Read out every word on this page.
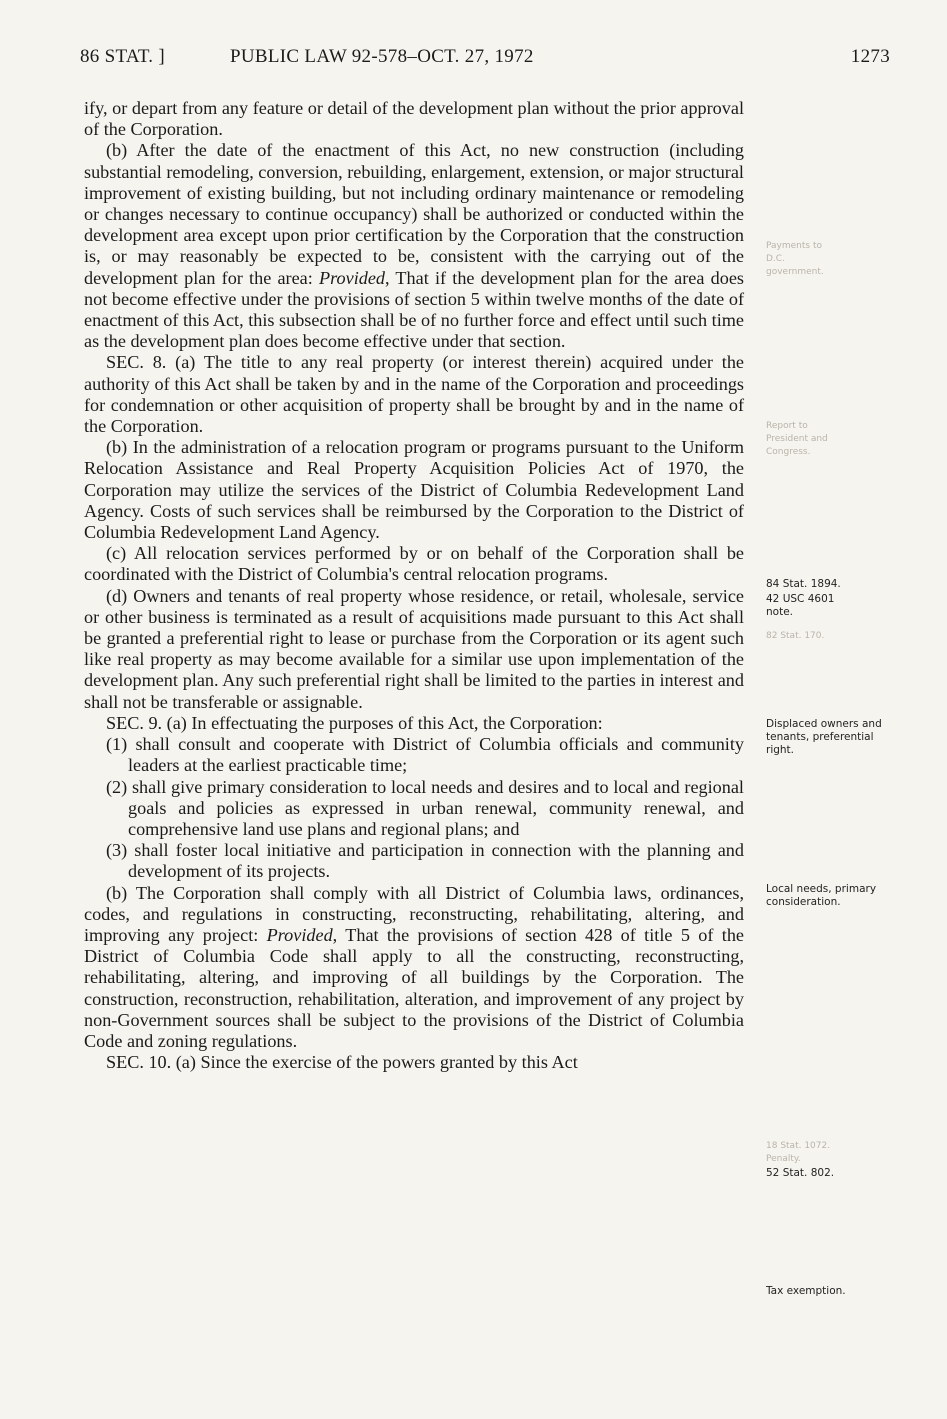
86 STAT. ]	PUBLIC LAW 92-578–OCT. 27, 1972	1273

ify, or depart from any feature or detail of the development plan without the prior approval of the Corporation.

(b) After the date of the enactment of this Act, no new construction (including substantial remodeling, conversion, rebuilding, enlargement, extension, or major structural improvement of existing building, but not including ordinary maintenance or remodeling or changes necessary to continue occupancy) shall be authorized or conducted within the development area except upon prior certification by the Corporation that the construction is, or may reasonably be expected to be, consistent with the carrying out of the development plan for the area: Provided, That if the development plan for the area does not become effective under the provisions of section 5 within twelve months of the date of enactment of this Act, this subsection shall be of no further force and effect until such time as the development plan does become effective under that section.

SEC. 8. (a) The title to any real property (or interest therein) acquired under the authority of this Act shall be taken by and in the name of the Corporation and proceedings for condemnation or other acquisition of property shall be brought by and in the name of the Corporation.

(b) In the administration of a relocation program or programs pursuant to the Uniform Relocation Assistance and Real Property Acquisition Policies Act of 1970, the Corporation may utilize the services of the District of Columbia Redevelopment Land Agency. Costs of such services shall be reimbursed by the Corporation to the District of Columbia Redevelopment Land Agency.

(c) All relocation services performed by or on behalf of the Corporation shall be coordinated with the District of Columbia's central relocation programs.

(d) Owners and tenants of real property whose residence, or retail, wholesale, service or other business is terminated as a result of acquisitions made pursuant to this Act shall be granted a preferential right to lease or purchase from the Corporation or its agent such like real property as may become available for a similar use upon implementation of the development plan. Any such preferential right shall be limited to the parties in interest and shall not be transferable or assignable.

SEC. 9. (a) In effectuating the purposes of this Act, the Corporation:

(1) shall consult and cooperate with District of Columbia officials and community leaders at the earliest practicable time;

(2) shall give primary consideration to local needs and desires and to local and regional goals and policies as expressed in urban renewal, community renewal, and comprehensive land use plans and regional plans; and

(3) shall foster local initiative and participation in connection with the planning and development of its projects.

(b) The Corporation shall comply with all District of Columbia laws, ordinances, codes, and regulations in constructing, reconstructing, rehabilitating, altering, and improving any project: Provided, That the provisions of section 428 of title 5 of the District of Columbia Code shall apply to all the constructing, reconstructing, rehabilitating, altering, and improving of all buildings by the Corporation. The construction, reconstruction, rehabilitation, alteration, and improvement of any project by non-Government sources shall be subject to the provisions of the District of Columbia Code and zoning regulations.

SEC. 10. (a) Since the exercise of the powers granted by this Act

Payments to D.C. government.
Report to President and Congress.
82 Stat. 170.
18 Stat. 1072. Penalty.
84 Stat. 1894.
42 USC 4601 note.
Displaced owners and tenants, preferential right.
Local needs, primary consideration.
52 Stat. 802.
Tax exemption.
